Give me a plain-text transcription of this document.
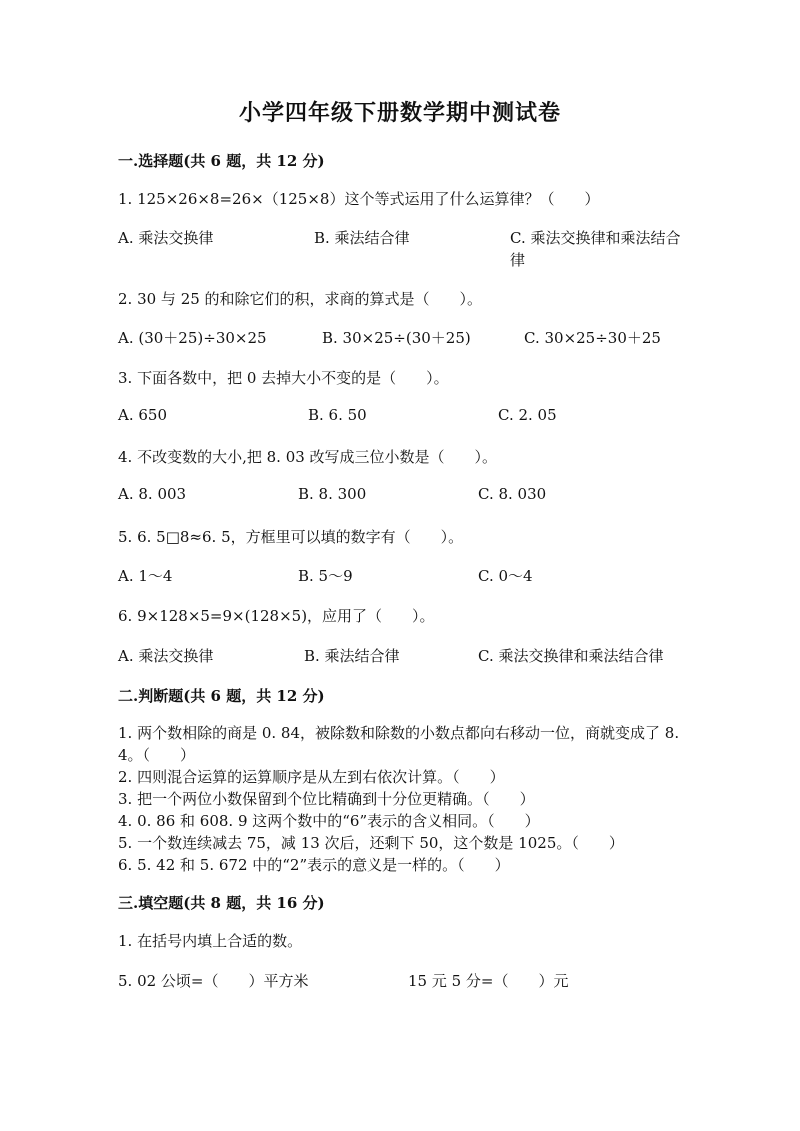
小学四年级下册数学期中测试卷
一.选择题(共 6 题，共 12 分)
1. 125×26×8=26×（125×8）这个等式运用了什么运算律？（　　）
A. 乘法交换律	B. 乘法结合律	C. 乘法交换律和乘法结合律
2. 30 与 25 的和除它们的积，求商的算式是（　　）。
A. (30＋25)÷30×25	B. 30×25÷(30＋25)	C. 30×25÷30＋25
3. 下面各数中，把 0 去掉大小不变的是（　　）。
A. 650	B. 6. 50	C. 2. 05
4. 不改变数的大小,把 8. 03 改写成三位小数是（　　）。
A. 8. 003	B. 8. 300	C. 8. 030
5. 6. 5□8≈6. 5，方框里可以填的数字有（　　）。
A. 1～4	B. 5～9	C. 0～4
6. 9×128×5=9×(128×5)，应用了（　　）。
A. 乘法交换律	B. 乘法结合律	C. 乘法交换律和乘法结合律
二.判断题(共 6 题，共 12 分)
1. 两个数相除的商是 0. 84，被除数和除数的小数点都向右移动一位，商就变成了 8. 4。（　　）
2. 四则混合运算的运算顺序是从左到右依次计算。（　　）
3. 把一个两位小数保留到个位比精确到十分位更精确。（　　）
4. 0. 86 和 608. 9 这两个数中的“6”表示的含义相同。（　　）
5. 一个数连续减去 75，减 13 次后，还剩下 50，这个数是 1025。（　　）
6. 5. 42 和 5. 672 中的“2”表示的意义是一样的。（　　）
三.填空题(共 8 题，共 16 分)
1. 在括号内填上合适的数。
5. 02 公顷=（　　）平方米	15 元 5 分=（　　）元
